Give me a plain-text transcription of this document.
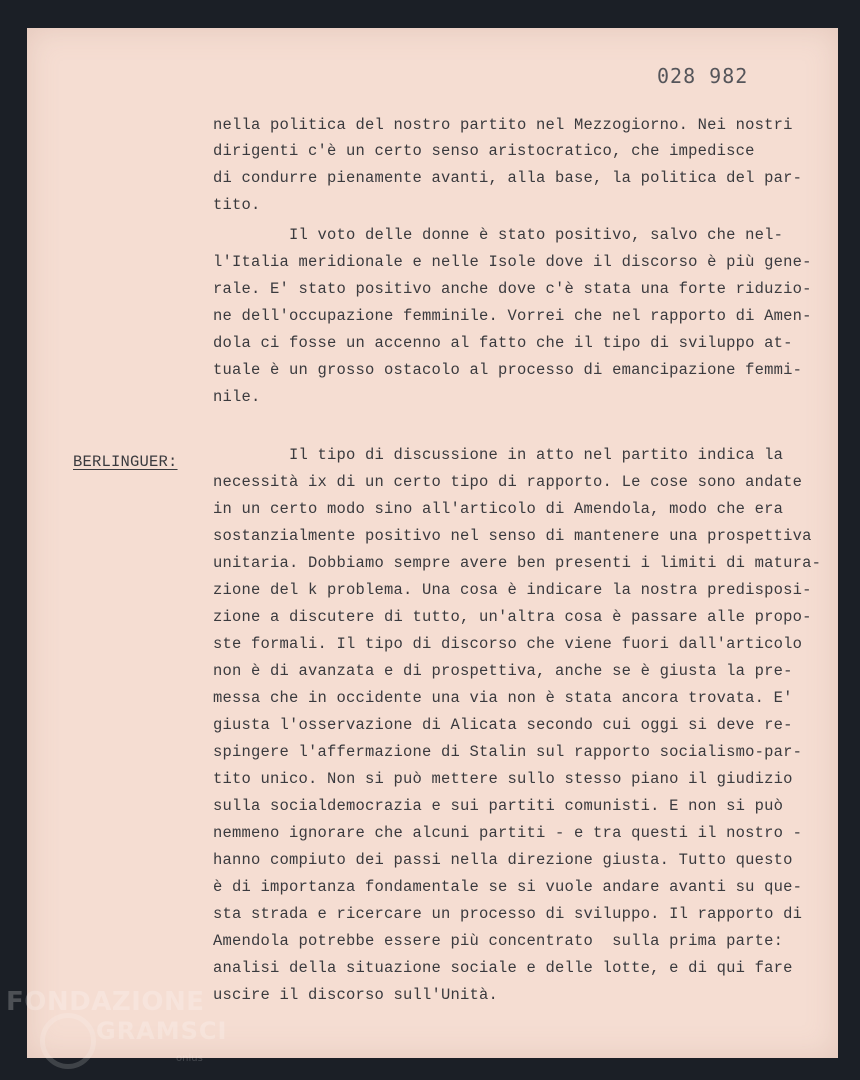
028 982
BERLINGUER:
nella politica del nostro partito nel Mezzogiorno. Nei nostri
dirigenti c'è un certo senso aristocratico, che impedisce
di condurre pienamente avanti, alla base, la politica del par-
tito.
Il voto delle donne è stato positivo, salvo che nel-
l'Italia meridionale e nelle Isole dove il discorso è più gene-
rale. E' stato positivo anche dove c'è stata una forte riduzio-
ne dell'occupazione femminile. Vorrei che nel rapporto di Amen-
dola ci fosse un accenno al fatto che il tipo di sviluppo at-
tuale è un grosso ostacolo al processo di emancipazione femmi-
nile.
Il tipo di discussione in atto nel partito indica la
necessità ix di un certo tipo di rapporto. Le cose sono andate
in un certo modo sino all'articolo di Amendola, modo che era
sostanzialmente positivo nel senso di mantenere una prospettiva
unitaria. Dobbiamo sempre avere ben presenti i limiti di matura-
zione del k problema. Una cosa è indicare la nostra predisposi-
zione a discutere di tutto, un'altra cosa è passare alle propo-
ste formali. Il tipo di discorso che viene fuori dall'articolo
non è di avanzata e di prospettiva, anche se è giusta la pre-
messa che in occidente una via non è stata ancora trovata. E'
giusta l'osservazione di Alicata secondo cui oggi si deve re-
spingere l'affermazione di Stalin sul rapporto socialismo-par-
tito unico. Non si può mettere sullo stesso piano il giudizio
sulla socialdemocrazia e sui partiti comunisti. E non si può
nemmeno ignorare che alcuni partiti - e tra questi il nostro -
hanno compiuto dei passi nella direzione giusta. Tutto questo
è di importanza fondamentale se si vuole andare avanti su que-
sta strada e ricercare un processo di sviluppo. Il rapporto di
Amendola potrebbe essere più concentrato  sulla prima parte:
analisi della situazione sociale e delle lotte, e di qui fare
uscire il discorso sull'Unità.
FONDAZIONE
GRAMSCI
onlus
